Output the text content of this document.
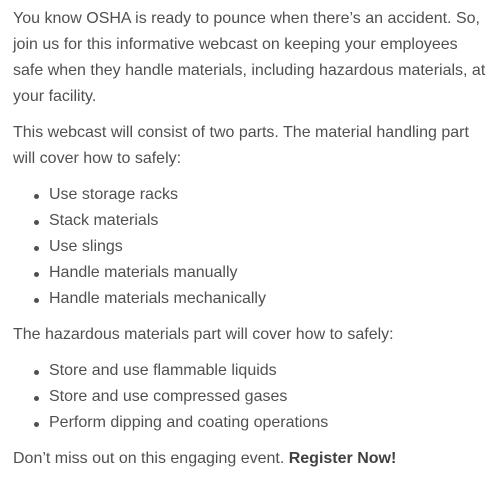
You know OSHA is ready to pounce when there’s an accident. So, join us for this informative webcast on keeping your employees safe when they handle materials, including hazardous materials, at your facility.

This webcast will consist of two parts. The material handling part will cover how to safely:

Use storage racks
Stack materials
Use slings
Handle materials manually
Handle materials mechanically

The hazardous materials part will cover how to safely:

Store and use flammable liquids
Store and use compressed gases
Perform dipping and coating operations

Don’t miss out on this engaging event. Register Now!
